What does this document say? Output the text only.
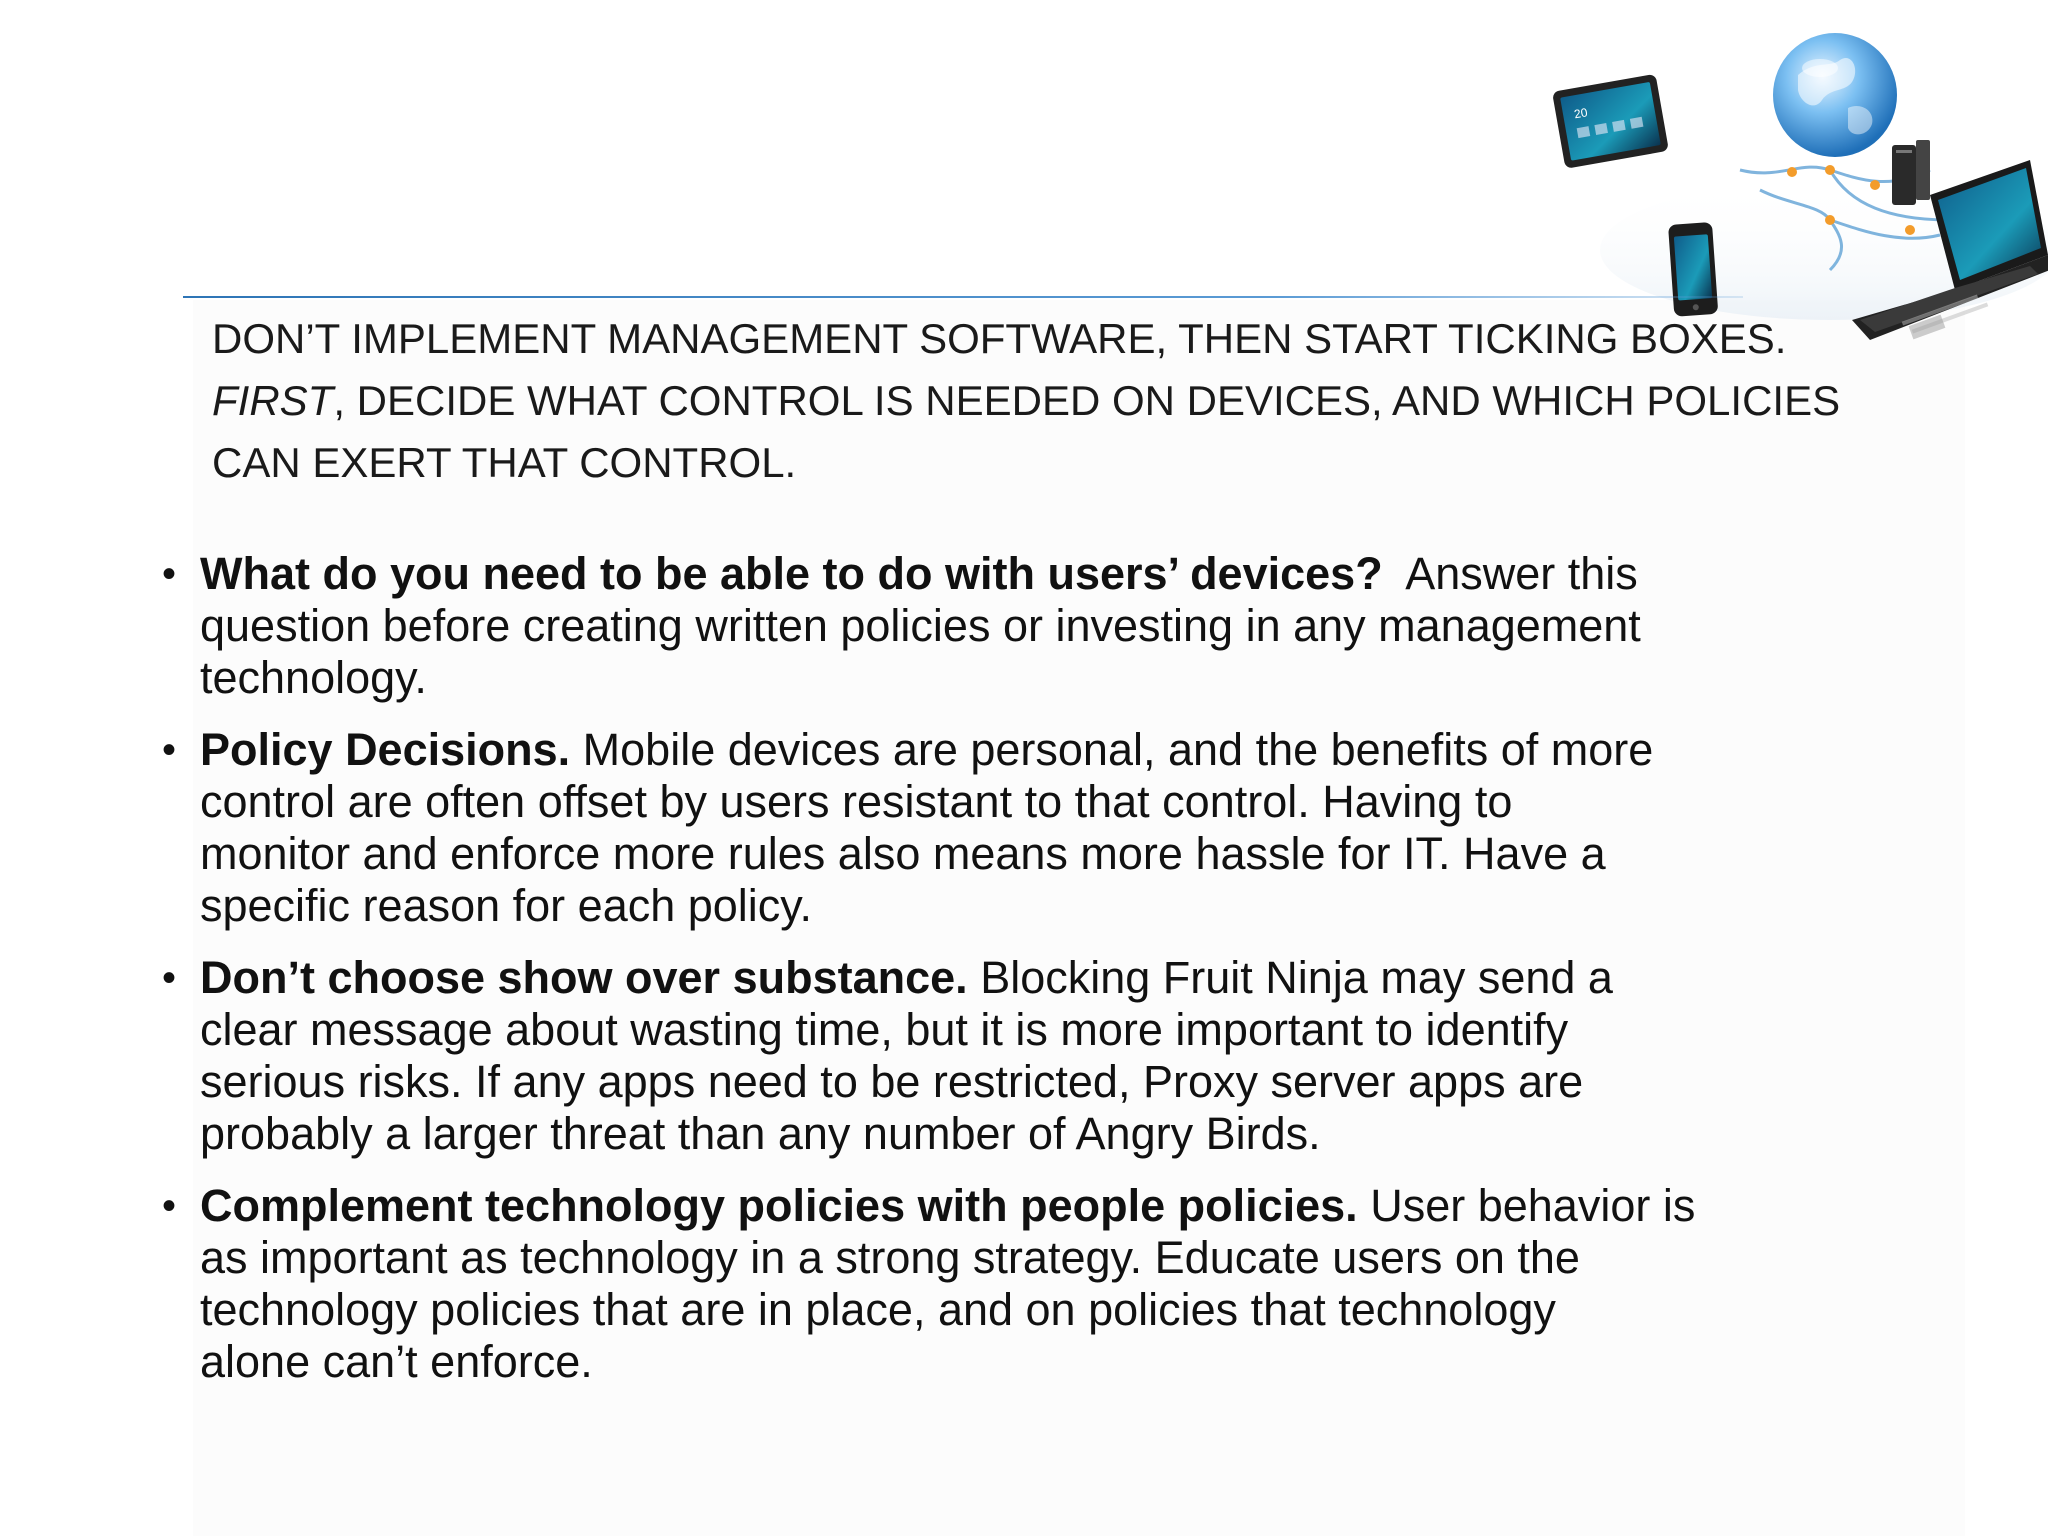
20
DON’T IMPLEMENT MANAGEMENT SOFTWARE, THEN START TICKING BOXES.
FIRST, DECIDE WHAT CONTROL IS NEEDED ON DEVICES, AND WHICH POLICIES
CAN EXERT THAT CONTROL.
• What do you need to be able to do with users’ devices? Answer this
question before creating written policies or investing in any management
technology.
• Policy Decisions. Mobile devices are personal, and the benefits of more
control are often offset by users resistant to that control. Having to
monitor and enforce more rules also means more hassle for IT. Have a
specific reason for each policy.
• Don’t choose show over substance. Blocking Fruit Ninja may send a
clear message about wasting time, but it is more important to identify
serious risks. If any apps need to be restricted, Proxy server apps are
probably a larger threat than any number of Angry Birds.
• Complement technology policies with people policies. User behavior is
as important as technology in a strong strategy. Educate users on the
technology policies that are in place, and on policies that technology
alone can’t enforce.
